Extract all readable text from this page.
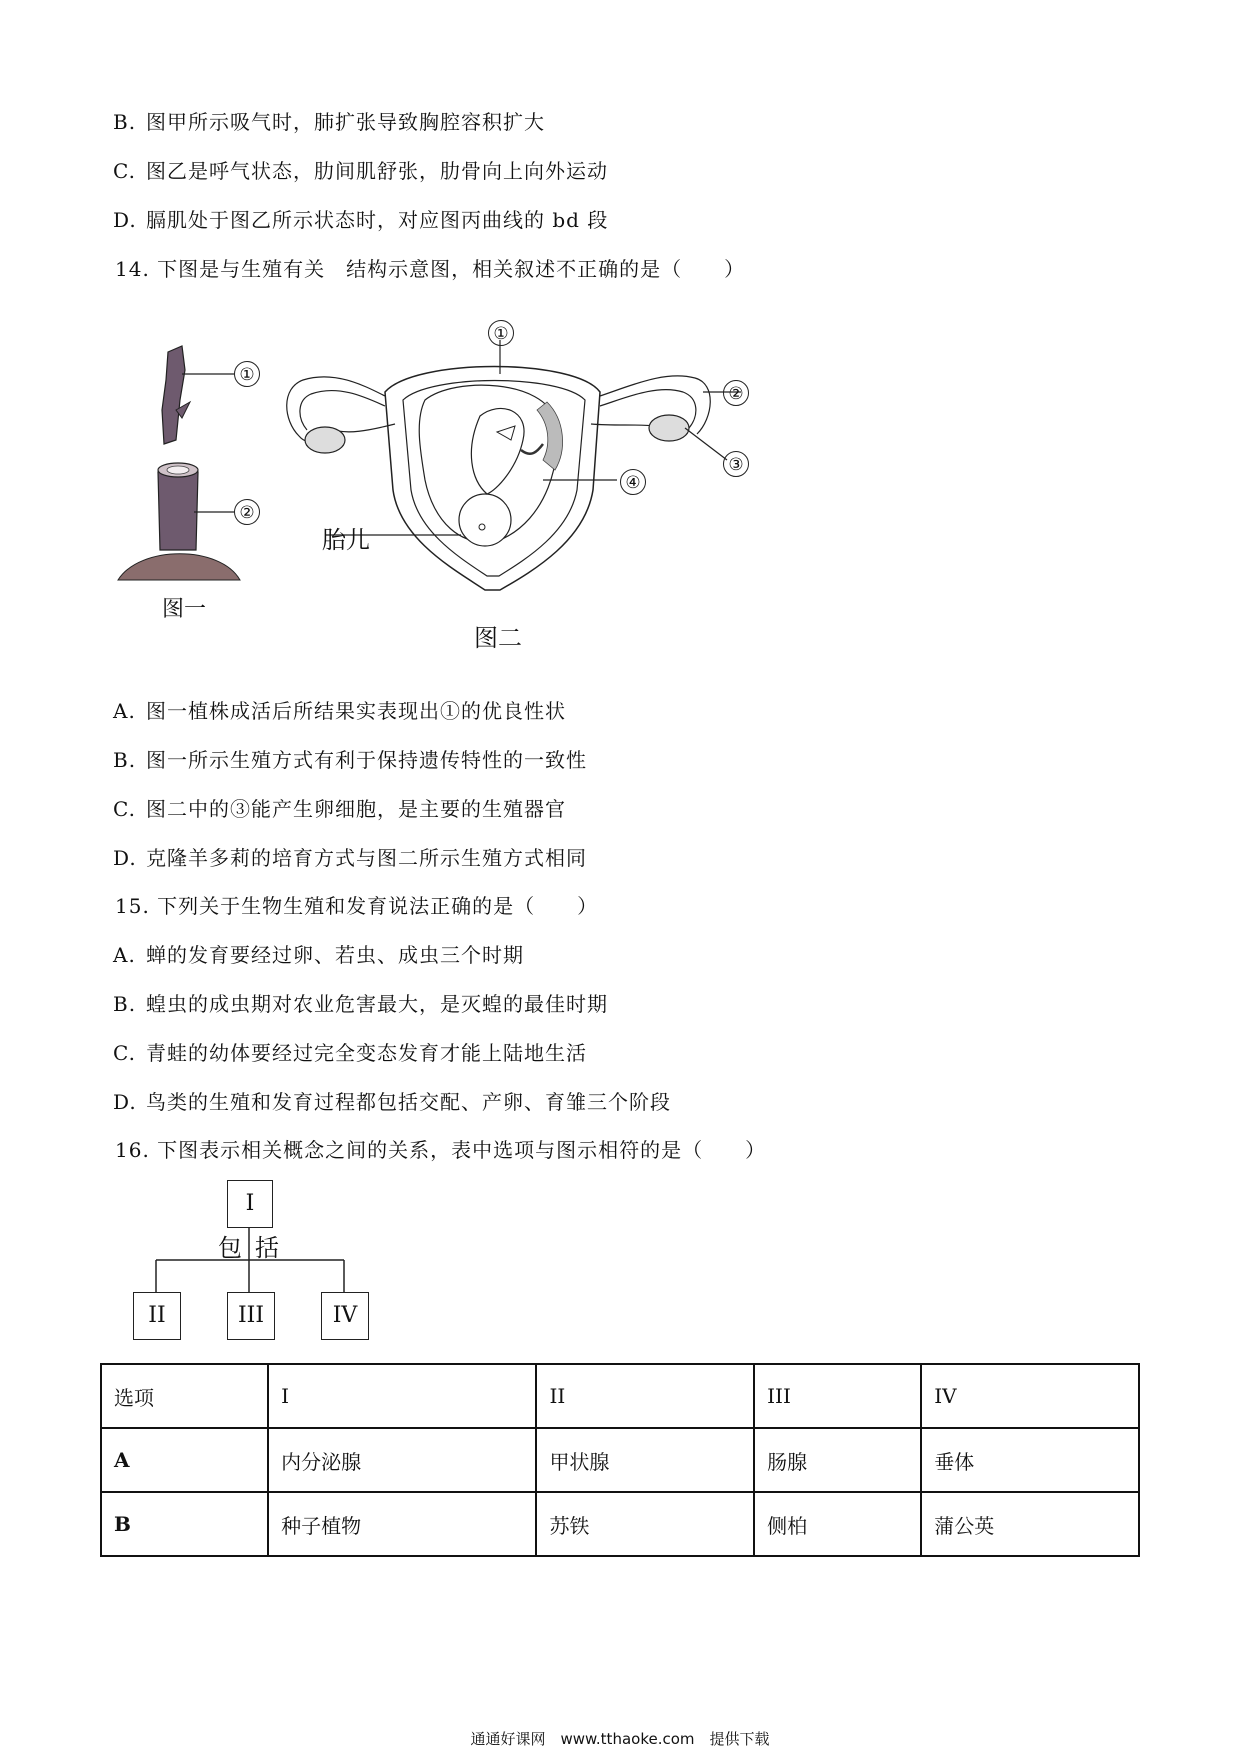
B. 图甲所示吸气时，肺扩张导致胸腔容积扩大
C. 图乙是呼气状态，肋间肌舒张，肋骨向上向外运动
D. 膈肌处于图乙所示状态时，对应图丙曲线的 bd 段
14. 下图是与生殖有关　结构示意图，相关叙述不正确的是（　　）
①
②
图一
①
②
③
④
胎儿
图二
A. 图一植株成活后所结果实表现出①的优良性状
B. 图一所示生殖方式有利于保持遗传特性的一致性
C. 图二中的③能产生卵细胞，是主要的生殖器官
D. 克隆羊多莉的培育方式与图二所示生殖方式相同
15. 下列关于生物生殖和发育说法正确的是（　　）
A. 蝉的发育要经过卵、若虫、成虫三个时期
B. 蝗虫的成虫期对农业危害最大，是灭蝗的最佳时期
C. 青蛙的幼体要经过完全变态发育才能上陆地生活
D. 鸟类的生殖和发育过程都包括交配、产卵、育雏三个阶段
16. 下图表示相关概念之间的关系，表中选项与图示相符的是（　　）
I
包 括
II	III	IV
选项	I	II	III	IV
A	内分泌腺	甲状腺	肠腺	垂体
B	种子植物	苏铁	侧柏	蒲公英
通通好课网　www.tthaoke.com　提供下载
